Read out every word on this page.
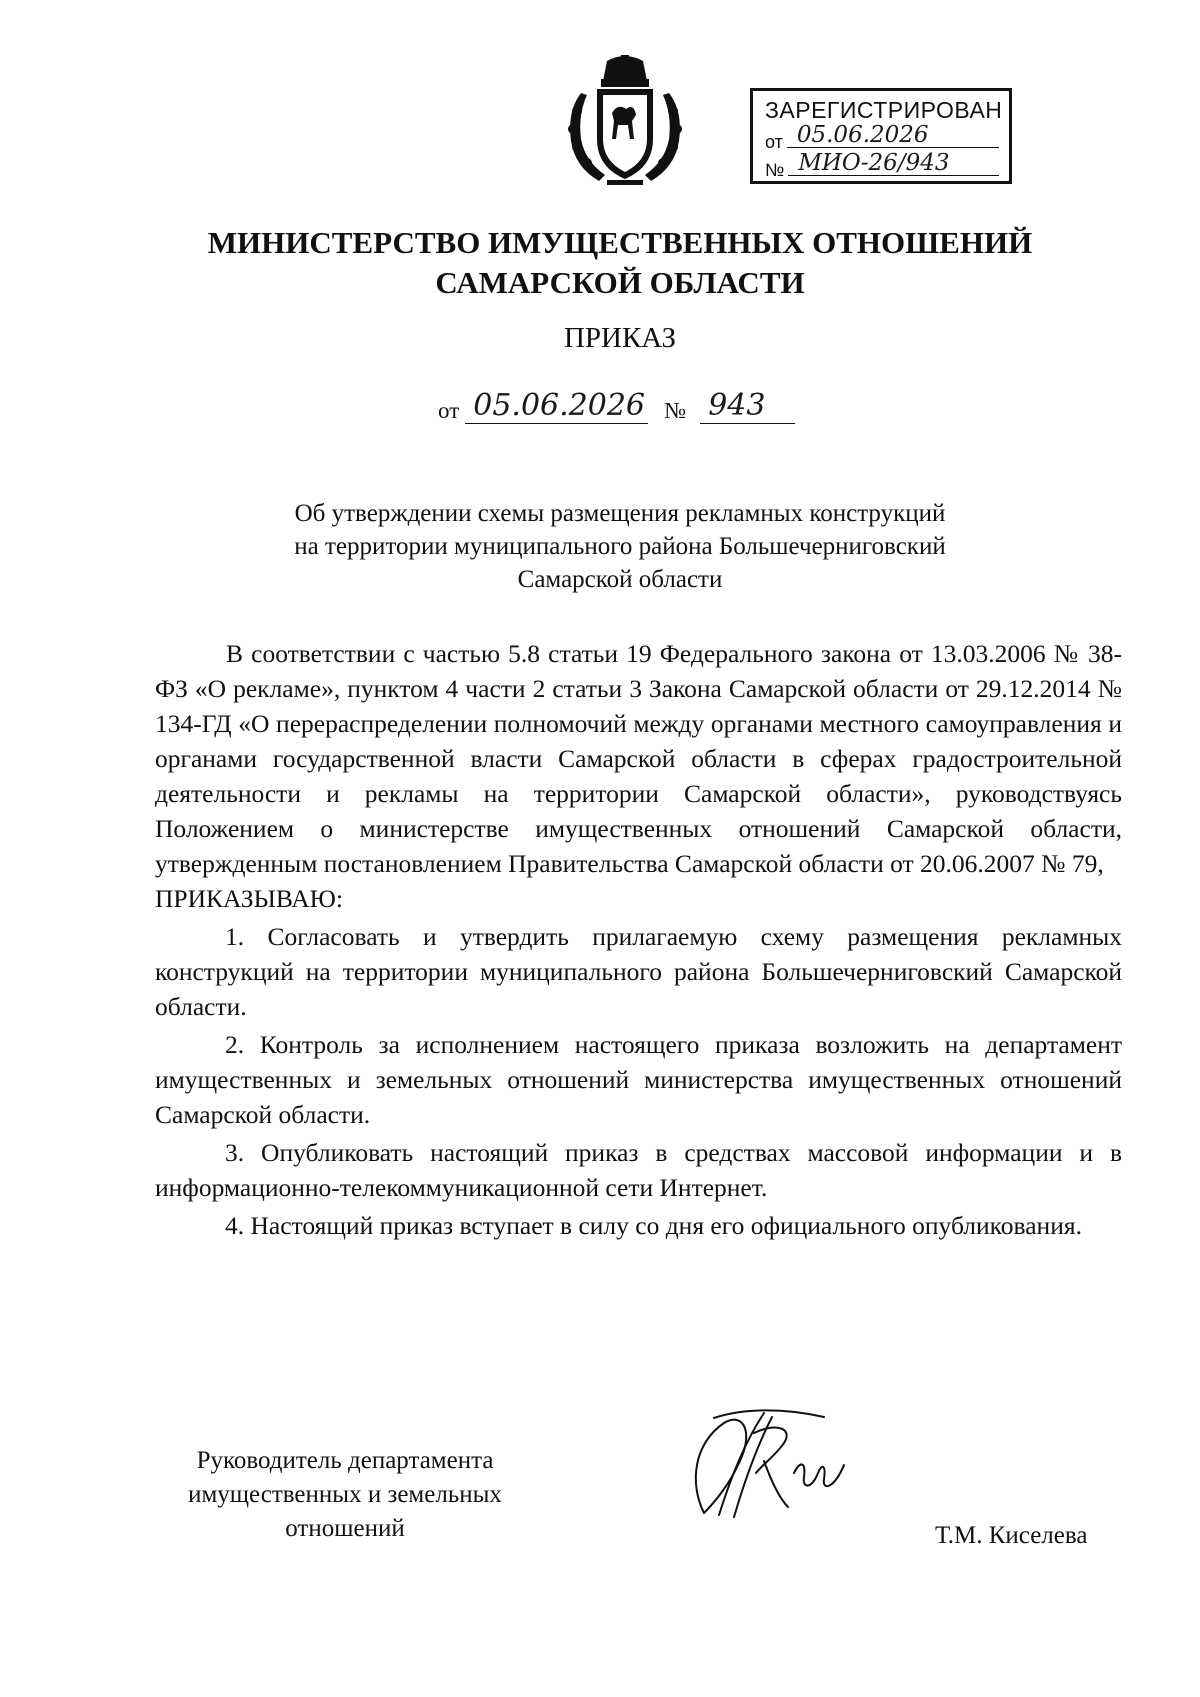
ЗАРЕГИСТРИРОВАН
от 05.06.2026
№ МИО-26/943
МИНИСТЕРСТВО ИМУЩЕСТВЕННЫХ ОТНОШЕНИЙ
САМАРСКОЙ ОБЛАСТИ
ПРИКАЗ
от 05.06.2026 № 943
Об утверждении схемы размещения рекламных конструкций
на территории муниципального района Большечерниговский
Самарской области

В соответствии с частью 5.8 статьи 19 Федерального закона от 13.03.2006 № 38-ФЗ «О рекламе», пунктом 4 части 2 статьи 3 Закона Самарской области от 29.12.2014 № 134-ГД «О перераспределении полномочий между органами местного самоуправления и органами государственной власти Самарской области в сферах градостроительной деятельности и рекламы на территории Самарской области», руководствуясь Положением о министерстве имущественных отношений Самарской области, утвержденным постановлением Правительства Самарской области от 20.06.2007 № 79,

ПРИКАЗЫВАЮ:

1. Согласовать и утвердить прилагаемую схему размещения рекламных конструкций на территории муниципального района Большечерниговский Самарской области.

2. Контроль за исполнением настоящего приказа возложить на департамент имущественных и земельных отношений министерства имущественных отношений Самарской области.

3. Опубликовать настоящий приказ в средствах массовой информации и в информационно-телекоммуникационной сети Интернет.

4. Настоящий приказ вступает в силу со дня его официального опубликования.

Руководитель департамента
имущественных и земельных
отношений	Т.М. Киселева
